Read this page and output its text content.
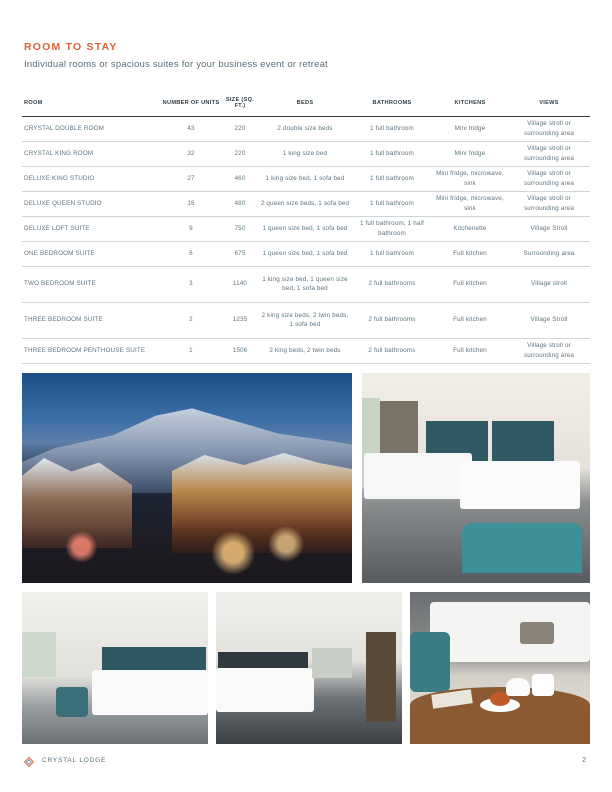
ROOM TO STAY
Individual rooms or spacious suites for your business event or retreat
ROOM	NUMBER OF UNITS	SIZE (SQ. FT.)	BEDS	BATHROOMS	KITCHENS	VIEWS
CRYSTAL DOUBLE ROOM	43	220	2 double size beds	1 full bathroom	Mini fridge	Village stroll or surrounding area
CRYSTAL KING ROOM	32	220	1 king size bed	1 full bathroom	Mini fridge	Village stroll or surrounding area
DELUXE KING STUDIO	27	460	1 king size bed, 1 sofa bed	1 full bathroom	Mini fridge, microwave, sink	Village stroll or surrounding area
DELUXE QUEEN STUDIO	16	480	2 queen size beds, 1 sofa bed	1 full bathroom	Mini fridge, microwave, sink	Village stroll or surrounding area
DELUXE LOFT SUITE	9	750	1 queen size bed, 1 sofa bed	1 full bathroom, 1 half bathroom	Kitchenette	Village Stroll
ONE BEDROOM SUITE	6	675	1 queen size bed, 1 sofa bed	1 full bathroom	Full kitchen	Surrounding area
TWO BEDROOM SUITE	3	1140	1 king size bed, 1 queen size bed, 1 sofa bed	2 full bathrooms	Full kitchen	Village stroll
THREE BEDROOM SUITE	2	1235	2 king size beds, 2 twin beds, 1 sofa bed	2 full bathrooms	Full kitchen	Village Stroll
THREE BEDROOM PENTHOUSE SUITE	1	1506	2 king beds, 2 twin beds	2 full bathrooms	Full kitchen	Village stroll or surrounding area
CRYSTAL LODGE	2
